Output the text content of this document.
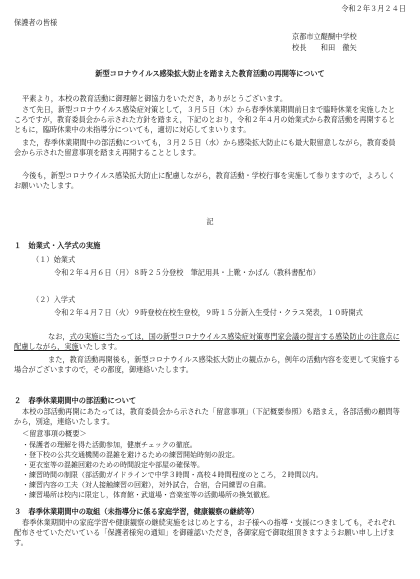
令和２年３月２４日
保護者の皆様
京都市立醍醐中学校
校長　　和田　徹矢
新型コロナウイルス感染拡大防止を踏まえた教育活動の再開等について
平素より，本校の教育活動に御理解と御協力をいただき，ありがとうございます。
さて先日，新型コロナウイルス感染症対策として，３月５日（木）から春季休業期間前日まで臨時休業を実施したところですが，教育委員会から示された方針を踏まえ，下記のとおり，令和２年４月の始業式から教育活動を再開するとともに，臨時休業中の未指導分についても，適切に対応してまいります。
また，春季休業期間中の部活動についても，３月２５日（水）から感染拡大防止にも最大限留意しながら，教育委員会から示された留意事項を踏まえ再開することとします。
今後も，新型コロナウイルス感染拡大防止に配慮しながら，教育活動・学校行事を実施して参りますので，よろしくお願いいたします。
記
１　始業式・入学式の実施
（１）始業式
令和２年４月６日（月）８時２５分登校　筆記用具・上靴・かばん（教科書配布）
（２）入学式
令和２年４月７日（火）９時登校在校生登校，９時１５分新入生受付・クラス発表，１０時開式
なお，式の実施に当たっては，国の新型コロナウイルス感染症対策専門家会議の提言する感染防止の注意点に配慮しながら，実施いたします。
また，教育活動再開後も，新型コロナウイルス感染拡大防止の観点から，例年の活動内容を変更して実施する場合がございますので，その都度，御連絡いたします。
２　春季休業期間中の部活動について
本校の部活動再開にあたっては，教育委員会から示された「留意事項」（下記概要参照）も踏まえ，各部活動の顧問等から，別途，連絡いたします。
＜留意事項の概要＞
・保護者の理解を得た活動参加，健康チェックの徹底。
・登下校の公共交通機関の混雑を避けるための練習開始時刻の設定。
・更衣室等の混雑回避のための時間設定や部屋の確保等。
・練習時間の制限（部活動ガイドラインで中学３時間・高校４時間程度のところ，２時間以内。
・練習内容の工夫（対人接触練習の回避），対外試合，合宿，合同練習の自粛。
・練習場所は校内に限定し，体育館・武道場・音楽室等の活動場所の換気徹底。
３　春季休業期間中の取組（未指導分に係る家庭学習，健康観察の継続等）
春季休業期間中の家庭学習や健康観察の継続実施をはじめとする，お子様への指導・支援につきましても，それぞれ配布させていただいている「保護者様宛の通知」を御確認いただき，各御家庭で御取組頂きますようお願い申し上げます。
